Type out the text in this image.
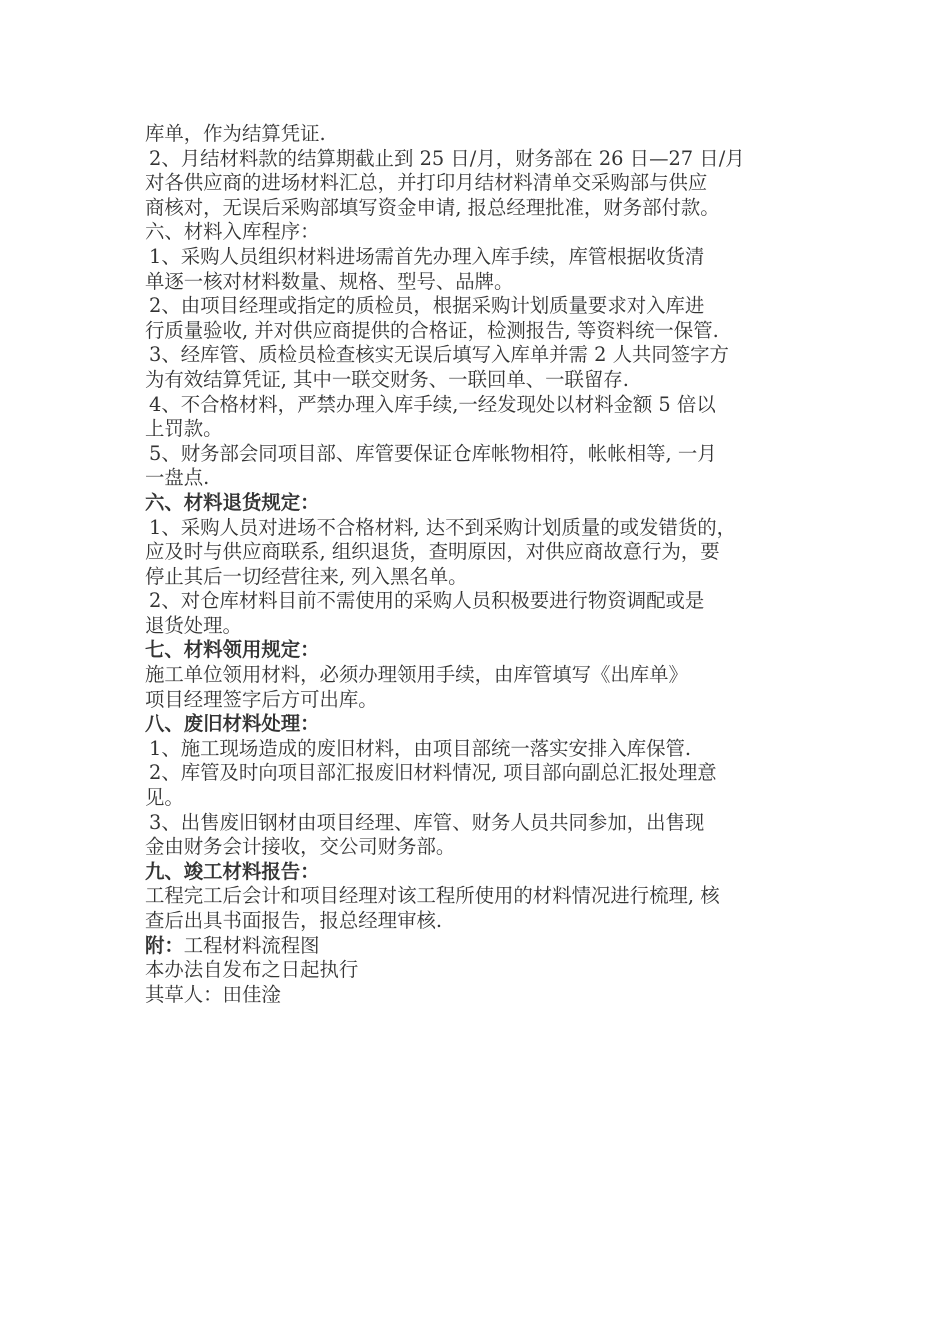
库单，作为结算凭证.
2、月结材料款的结算期截止到 25 日/月，财务部在 26 日—27 日/月
对各供应商的进场材料汇总，并打印月结材料清单交采购部与供应
商核对，无误后采购部填写资金申请, 报总经理批准，财务部付款。
六、材料入库程序：
1、采购人员组织材料进场需首先办理入库手续，库管根据收货清
单逐一核对材料数量、规格、型号、品牌。
2、由项目经理或指定的质检员，根据采购计划质量要求对入库进
行质量验收, 并对供应商提供的合格证，检测报告, 等资料统一保管.
3、经库管、质检员检查核实无误后填写入库单并需 2 人共同签字方
为有效结算凭证, 其中一联交财务、一联回单、一联留存.
4、不合格材料，严禁办理入库手续,一经发现处以材料金额 5 倍以
上罚款。
5、财务部会同项目部、库管要保证仓库帐物相符，帐帐相等, 一月
一盘点.
六、材料退货规定：
1、采购人员对进场不合格材料, 达不到采购计划质量的或发错货的，
应及时与供应商联系, 组织退货，查明原因，对供应商故意行为，要
停止其后一切经营往来, 列入黑名单。
2、对仓库材料目前不需使用的采购人员积极要进行物资调配或是
退货处理。
七、材料领用规定：
施工单位领用材料，必须办理领用手续，由库管填写《出库单》
项目经理签字后方可出库。
八、废旧材料处理：
1、施工现场造成的废旧材料，由项目部统一落实安排入库保管.
2、库管及时向项目部汇报废旧材料情况, 项目部向副总汇报处理意
见。
3、出售废旧钢材由项目经理、库管、财务人员共同参加，出售现
金由财务会计接收，交公司财务部。
九、竣工材料报告：
工程完工后会计和项目经理对该工程所使用的材料情况进行梳理, 核
查后出具书面报告，报总经理审核.
附：工程材料流程图
本办法自发布之日起执行
其草人：田佳淦
